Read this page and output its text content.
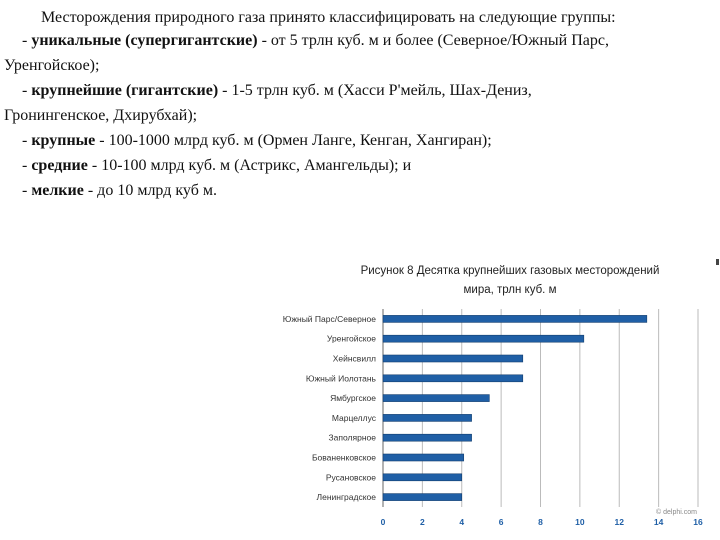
Месторождения природного газа принято классифицировать на следующие группы:
- уникальные (супергигантские) - от 5 трлн куб. м и более (Северное/Южный Парс,
Уренгойское);
- крупнейшие (гигантские) - 1-5 трлн куб. м (Хасси Р'мейль, Шах-Дениз,
Гронингенское, Дхирубхай);
- крупные - 100-1000 млрд куб. м (Ормен Ланге, Кенган, Хангиран);
- средние - 10-100 млрд куб. м (Астрикс, Амангельды); и
- мелкие - до 10 млрд куб м.
Рисунок 8 Десятка крупнейших газовых месторождений
мира, трлн куб. м
Южный Парс/Северное
Уренгойское
Хейнсвилл
Южный Иолотань
Ямбургское
Марцеллус
Заполярное
Бованенковское
Русановское
Ленинградское
0	2	4	6	8	10	12	14	16
© delphi.com
